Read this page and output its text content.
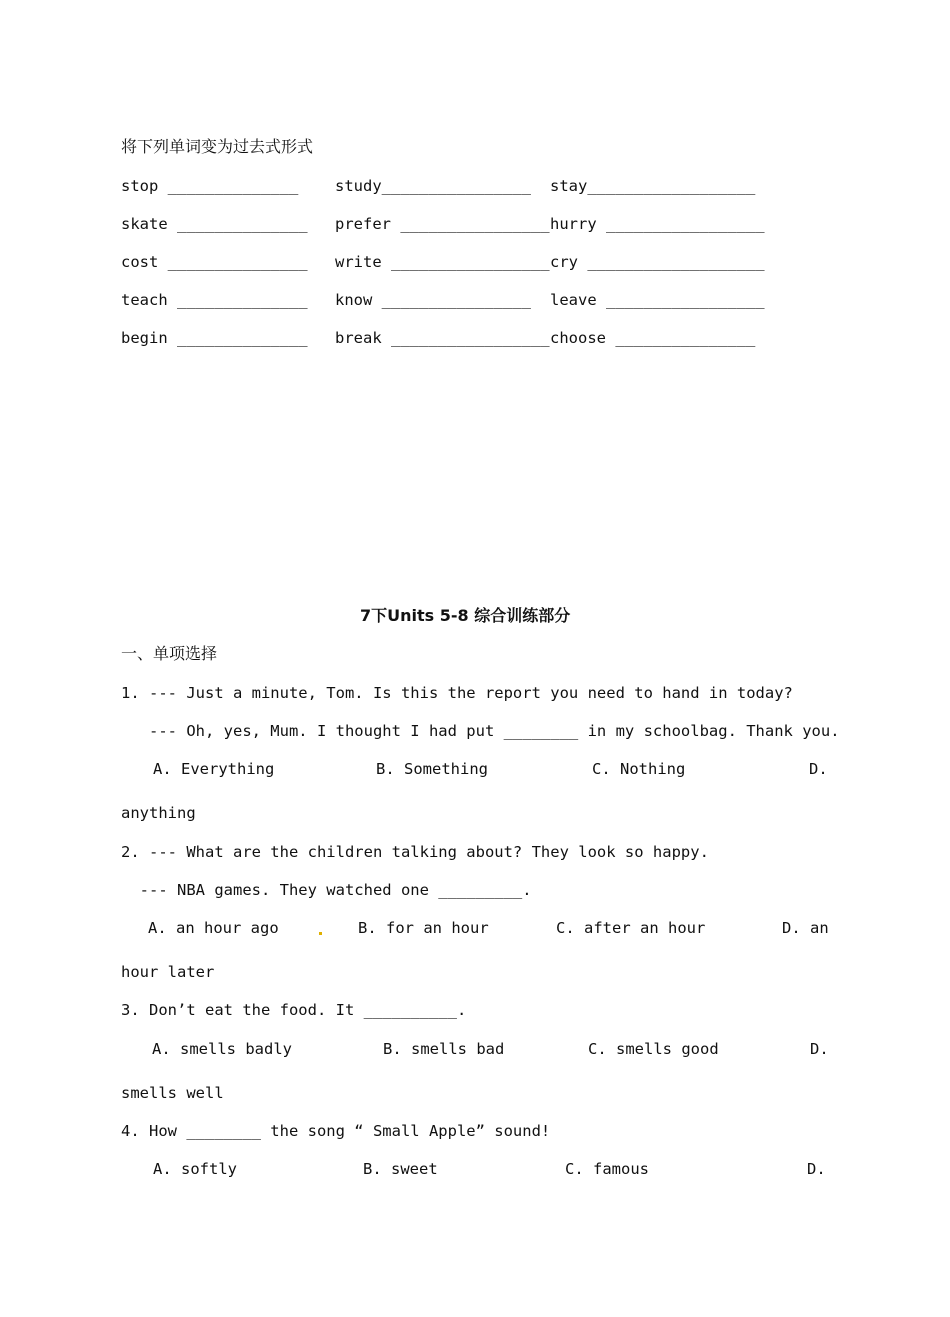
将下列单词变为过去式形式
stop ______________ study________________ stay__________________
skate ______________ prefer ________________ hurry _________________
cost _______________ write _________________ cry ___________________
teach ______________ know ________________ leave _________________
begin ______________ break _________________ choose _______________
7下Units 5-8 综合训练部分
一、单项选择
1. --- Just a minute, Tom. Is this the report you need to hand in today?
--- Oh, yes, Mum. I thought I had put ________ in my schoolbag. Thank you.
A. Everything	B. Something	C. Nothing	D.
anything
2. --- What are the children talking about? They look so happy.
--- NBA games. They watched one _________.
A. an hour ago	B. for an hour	C. after an hour	D. an
hour later
3. Don’t eat the food. It __________.
A. smells badly	B. smells bad	C. smells good	D.
smells well
4. How ________ the song “ Small Apple” sound!
A. softly	B. sweet	C. famous	D.
